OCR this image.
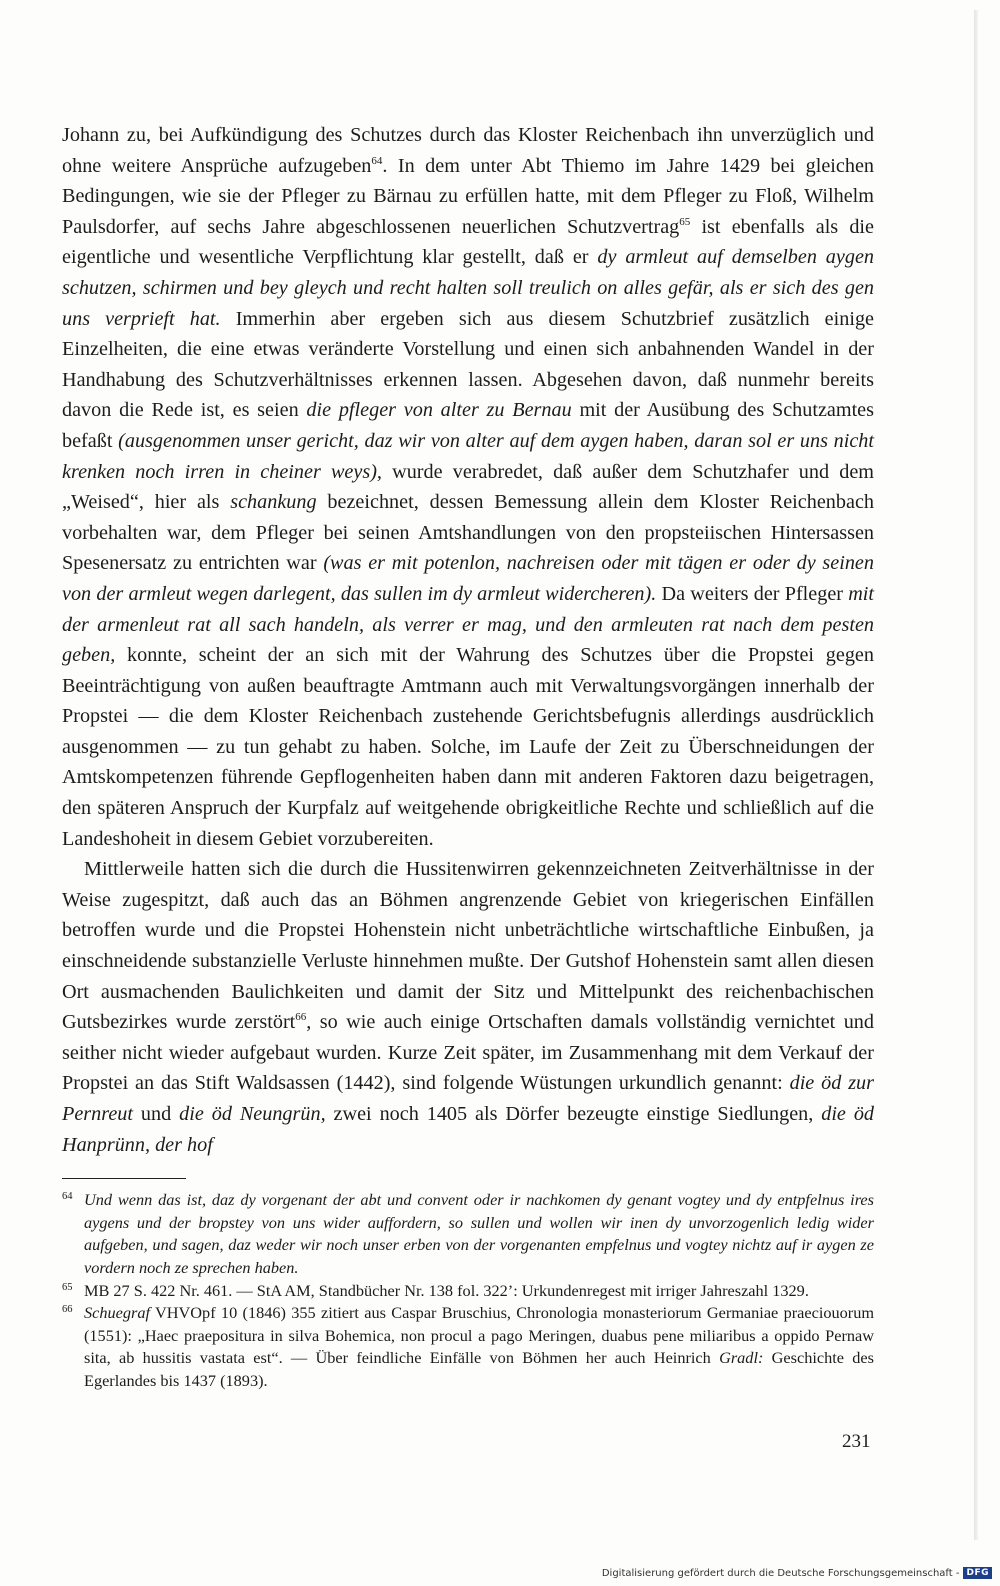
Johann zu, bei Aufkündigung des Schutzes durch das Kloster Reichenbach ihn unverzüglich und ohne weitere Ansprüche aufzugeben$^{64}$. In dem unter Abt Thiemo im Jahre 1429 bei gleichen Bedingungen, wie sie der Pfleger zu Bärnau zu erfüllen hatte, mit dem Pfleger zu Floß, Wilhelm Paulsdorfer, auf sechs Jahre abgeschlossenen neuerlichen Schutzvertrag$^{65}$ ist ebenfalls als die eigentliche und wesentliche Verpflichtung klar gestellt, daß er dy armleut auf demselben aygen schutzen, schirmen und bey gleych und recht halten soll treulich on alles gefär, als er sich des gen uns verprieft hat. Immerhin aber ergeben sich aus diesem Schutzbrief zusätzlich einige Einzelheiten, die eine etwas veränderte Vorstellung und einen sich anbahnenden Wandel in der Handhabung des Schutzverhältnisses erkennen lassen. Abgesehen davon, daß nunmehr bereits davon die Rede ist, es seien die pfleger von alter zu Bernau mit der Ausübung des Schutzamtes befaßt (ausgenommen unser gericht, daz wir von alter auf dem aygen haben, daran sol er uns nicht krenken noch irren in cheiner weys), wurde verabredet, daß außer dem Schutzhafer und dem „Weised“, hier als schankung bezeichnet, dessen Bemessung allein dem Kloster Reichenbach vorbehalten war, dem Pfleger bei seinen Amtshandlungen von den propsteiischen Hintersassen Spesenersatz zu entrichten war (was er mit potenlon, nachreisen oder mit tägen er oder dy seinen von der armleut wegen darlegent, das sullen im dy armleut widercheren). Da weiters der Pfleger mit der armenleut rat all sach handeln, als verrer er mag, und den armleuten rat nach dem pesten geben, konnte, scheint der an sich mit der Wahrung des Schutzes über die Propstei gegen Beeinträchtigung von außen beauftragte Amtmann auch mit Verwaltungsvorgängen innerhalb der Propstei — die dem Kloster Reichenbach zustehende Gerichtsbefugnis allerdings ausdrücklich ausgenommen — zu tun gehabt zu haben. Solche, im Laufe der Zeit zu Überschneidungen der Amtskompetenzen führende Gepflogenheiten haben dann mit anderen Faktoren dazu beigetragen, den späteren Anspruch der Kurpfalz auf weitgehende obrigkeitliche Rechte und schließlich auf die Landeshoheit in diesem Gebiet vorzubereiten.

Mittlerweile hatten sich die durch die Hussitenwirren gekennzeichneten Zeitverhältnisse in der Weise zugespitzt, daß auch das an Böhmen angrenzende Gebiet von kriegerischen Einfällen betroffen wurde und die Propstei Hohenstein nicht unbeträchtliche wirtschaftliche Einbußen, ja einschneidende substanzielle Verluste hinnehmen mußte. Der Gutshof Hohenstein samt allen diesen Ort ausmachenden Baulichkeiten und damit der Sitz und Mittelpunkt des reichenbachischen Gutsbezirkes wurde zerstört$^{66}$, so wie auch einige Ortschaften damals vollständig vernichtet und seither nicht wieder aufgebaut wurden. Kurze Zeit später, im Zusammenhang mit dem Verkauf der Propstei an das Stift Waldsassen (1442), sind folgende Wüstungen urkundlich genannt: die öd zur Pernreut und die öd Neungrün, zwei noch 1405 als Dörfer bezeugte einstige Siedlungen, die öd Hanprünn, der hof

64 Und wenn das ist, daz dy vorgenant der abt und convent oder ir nachkomen dy genant vogtey und dy entpfelnus ires aygens und der bropstey von uns wider auffordern, so sullen und wollen wir inen dy unvorzogenlich ledig wider aufgeben, und sagen, daz weder wir noch unser erben von der vorgenanten empfelnus und vogtey nichtz auf ir aygen ze vordern noch ze sprechen haben.
65 MB 27 S. 422 Nr. 461. — StA AM, Standbücher Nr. 138 fol. 322’: Urkundenregest mit irriger Jahreszahl 1329.
66 Schuegraf VHVOpf 10 (1846) 355 zitiert aus Caspar Bruschius, Chronologia monasteriorum Germaniae praeciouorum (1551): „Haec praepositura in silva Bohemica, non procul a pago Meringen, duabus pene miliaribus a oppido Pernaw sita, ab hussitis vastata est“. — Über feindliche Einfälle von Böhmen her auch Heinrich Gradl: Geschichte des Egerlandes bis 1437 (1893).
231
Digitalisierung gefördert durch die Deutsche Forschungsgemeinschaft - DFG
